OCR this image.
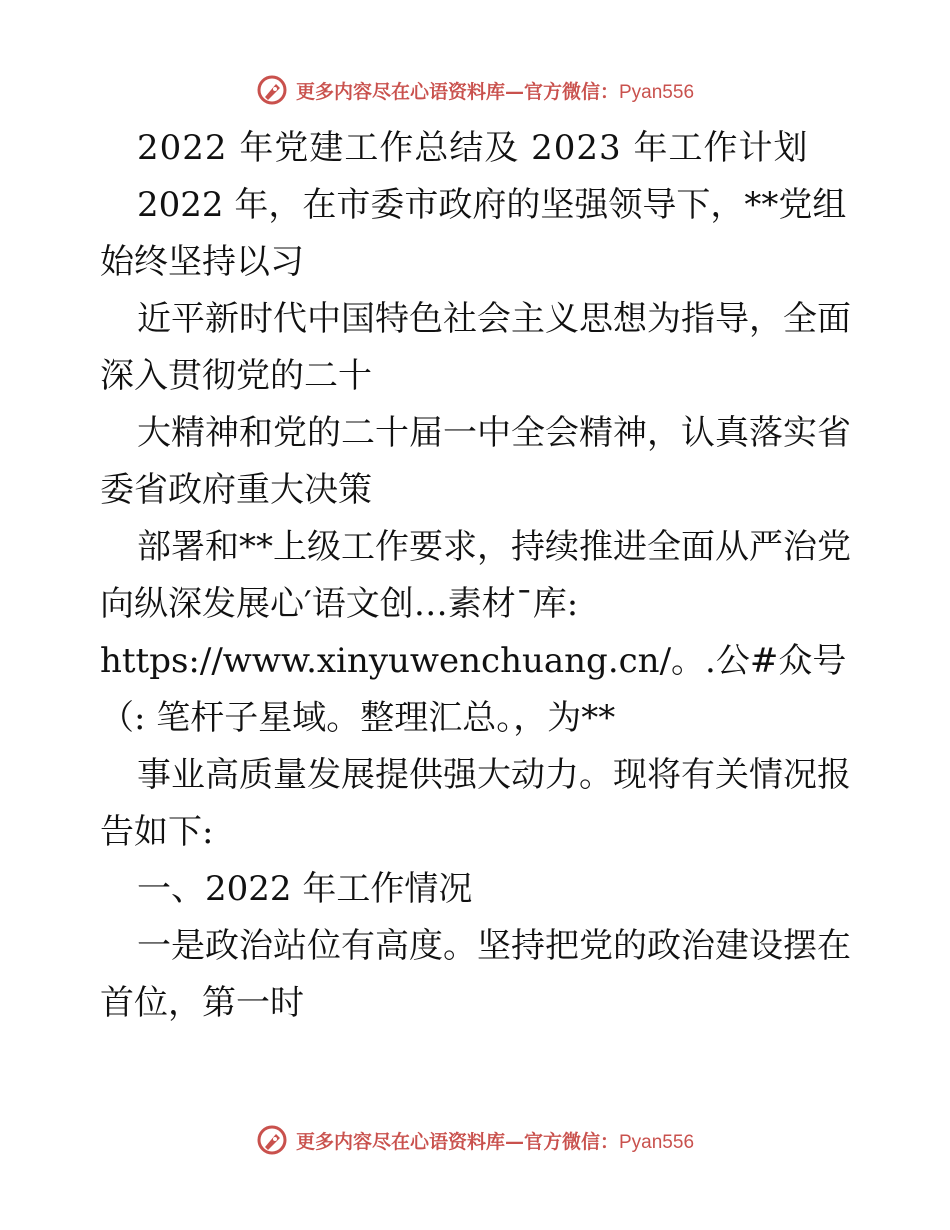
更多内容尽在心语资料库—官方微信：Pyan556

2022 年党建工作总结及 2023 年工作计划

2022 年，在市委市政府的坚强领导下，**党组始终坚持以习

近平新时代中国特色社会主义思想为指导，全面深入贯彻党的二十

大精神和党的二十届一中全会精神，认真落实省委省政府重大决策

部署和**上级工作要求，持续推进全面从严治党向纵深发展心′语文创…素材¯库: https://www.xinyuwenchuang.cn/。.公#众号（: 笔杆子星域。整理汇总。，为**

事业高质量发展提供强大动力。现将有关情况报告如下:

一、2022 年工作情况

一是政治站位有高度。坚持把党的政治建设摆在首位，第一时

更多内容尽在心语资料库—官方微信：Pyan556
